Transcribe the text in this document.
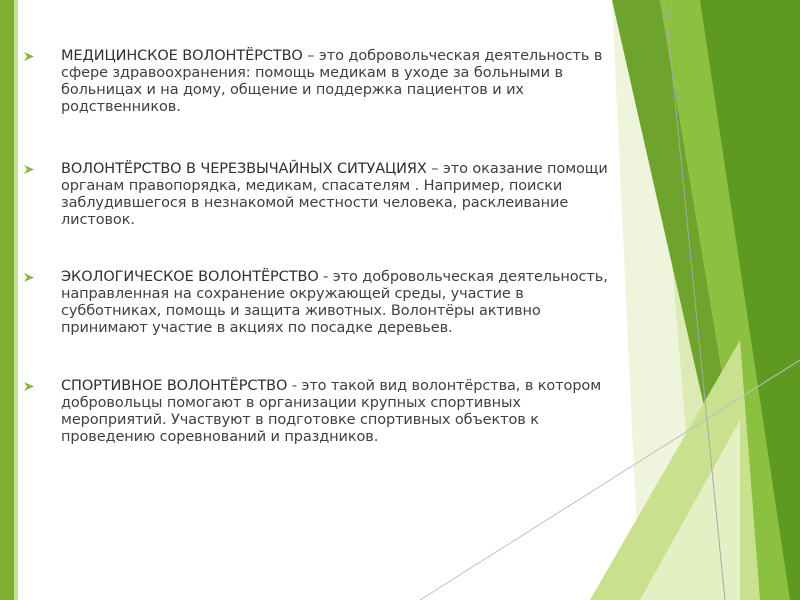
МЕДИЦИНСКОЕ ВОЛОНТЁРСТВО – это добровольческая деятельность в сфере здравоохранения: помощь медикам в уходе за больными в больницах и на дому, общение и поддержка пациентов и их родственников.
ВОЛОНТЁРСТВО В ЧЕРЕЗВЫЧАЙНЫХ СИТУАЦИЯХ – это оказание помощи органам правопорядка, медикам, спасателям . Например, поиски заблудившегося в незнакомой местности человека, расклеивание листовок.
ЭКОЛОГИЧЕСКОЕ ВОЛОНТЁРСТВО - это добровольческая деятельность, направленная на сохранение окружающей среды, участие в субботниках, помощь и защита животных. Волонтёры активно принимают участие в акциях по посадке деревьев.
СПОРТИВНОЕ ВОЛОНТЁРСТВО - это такой вид волонтёрства, в котором добровольцы помогают в организации крупных спортивных мероприятий. Участвуют в подготовке спортивных объектов к проведению соревнований и праздников.
